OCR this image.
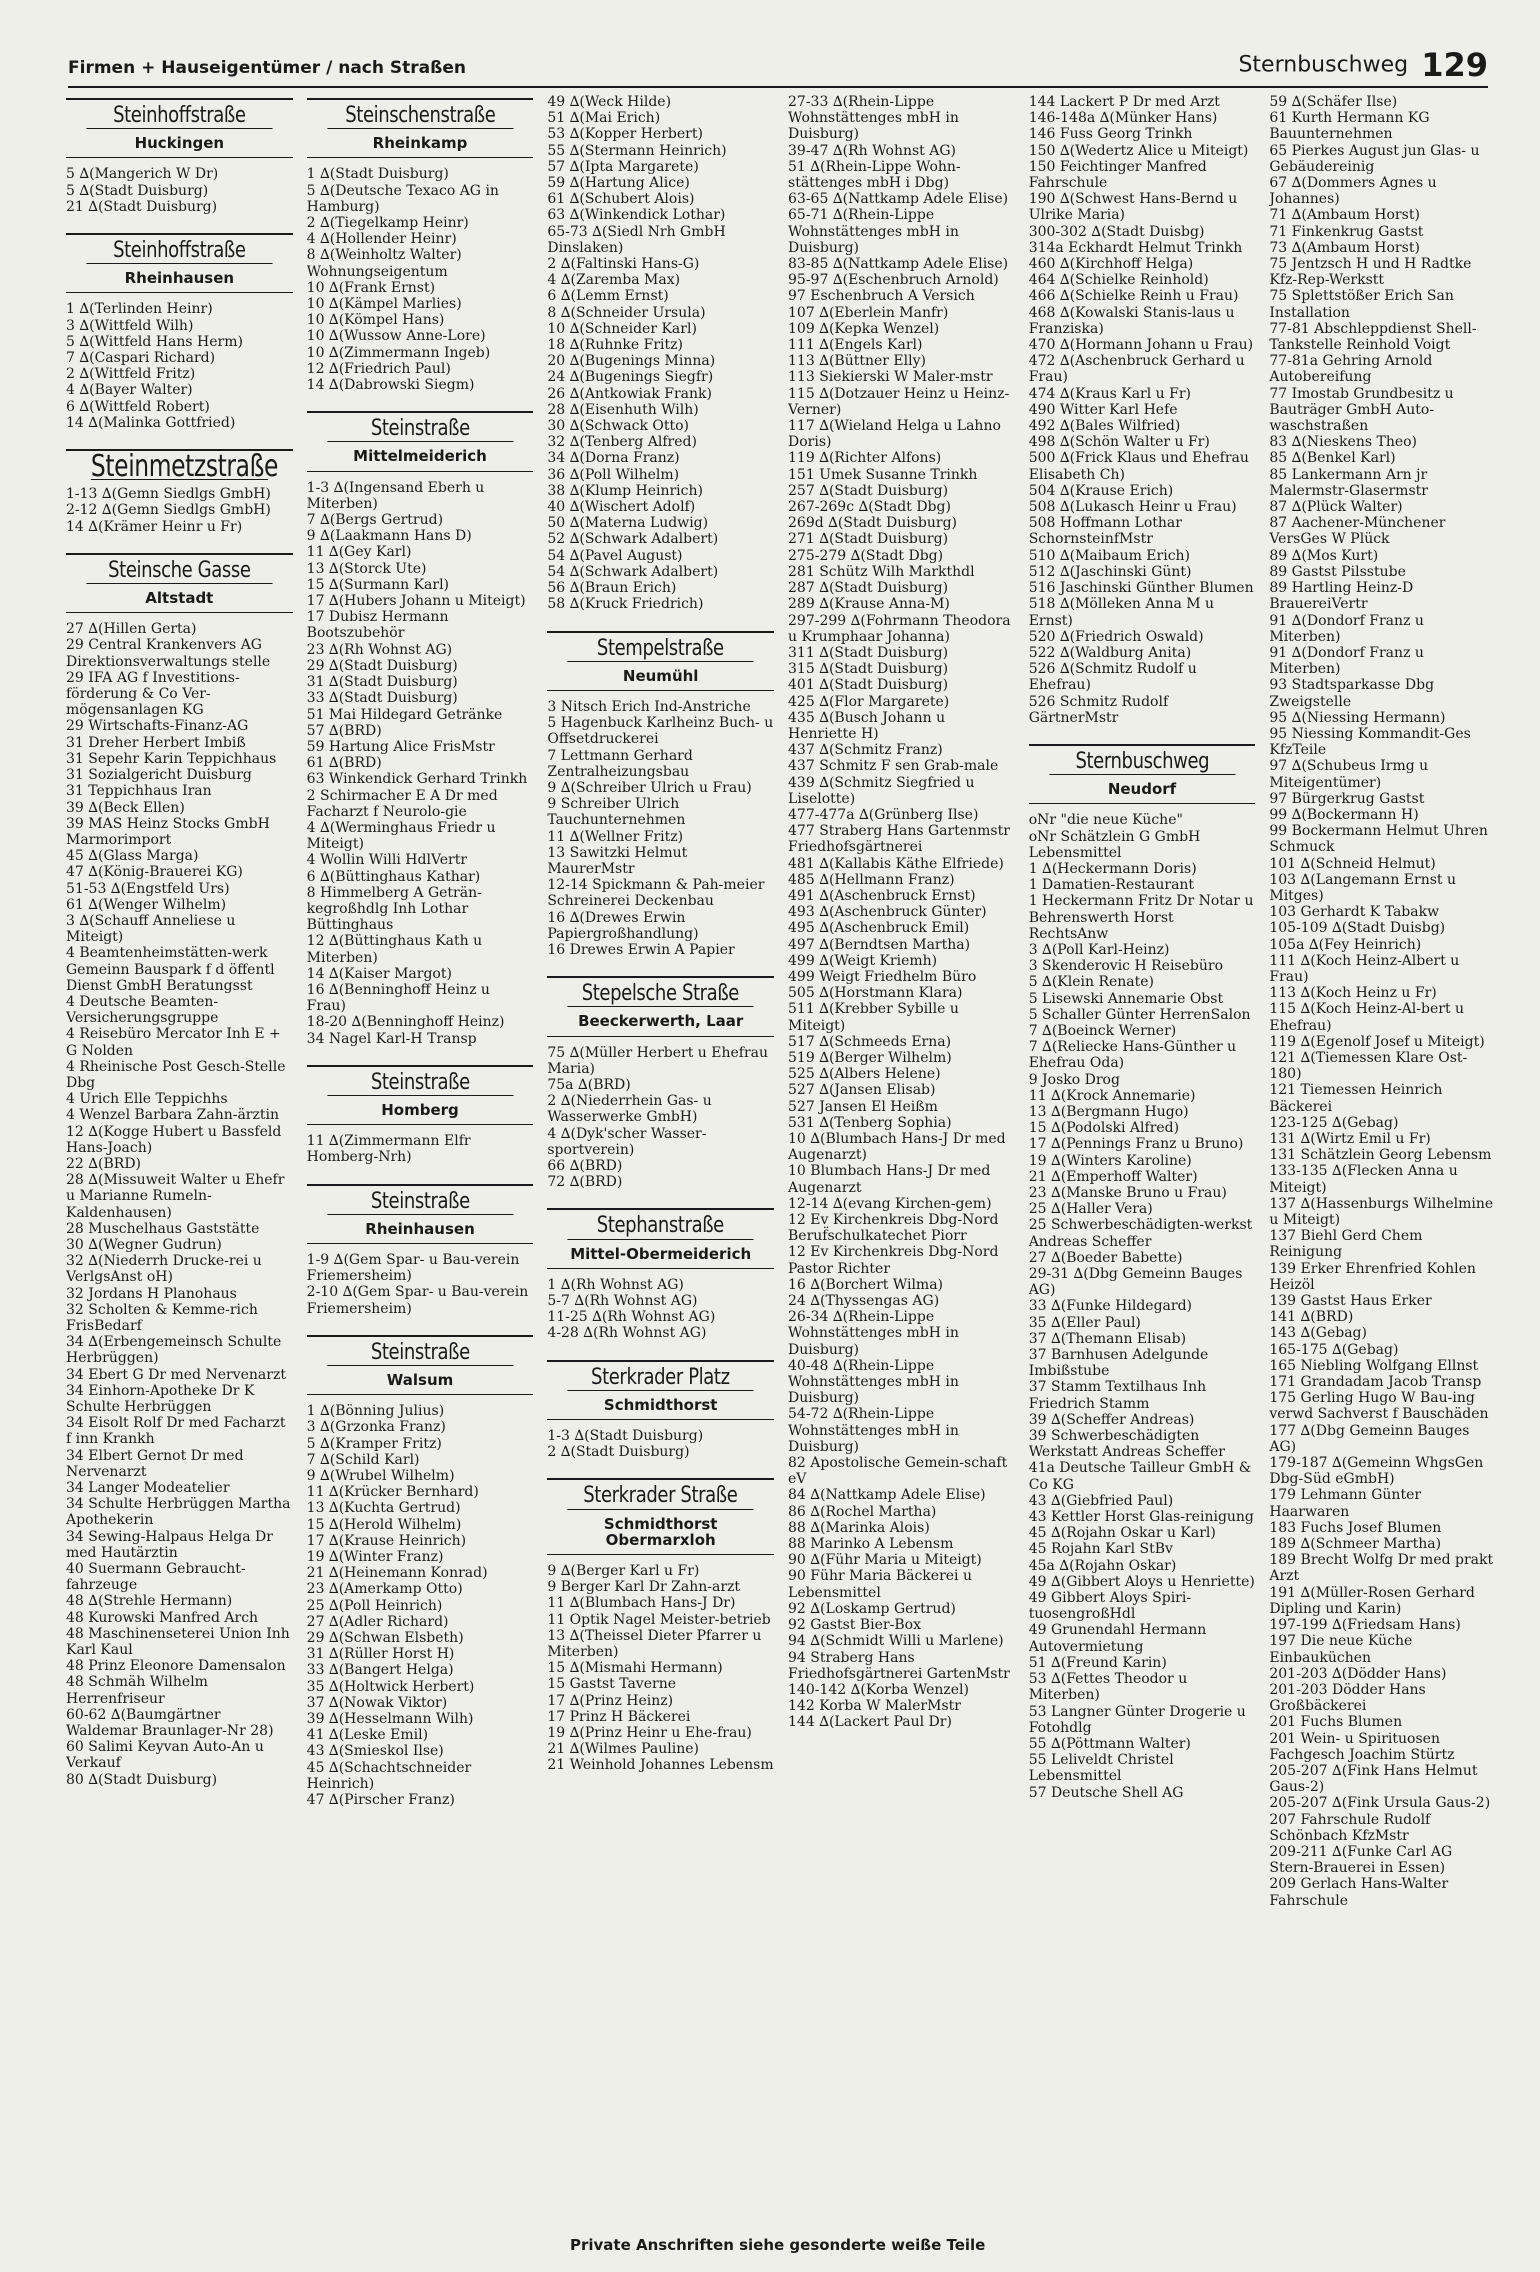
Firmen + Hauseigentümer / nach Straßen	Sternbuschweg 129
Steinhoffstraße
Huckingen
5 ∆(Mangerich W Dr)
5 ∆(Stadt Duisburg)
21 ∆(Stadt Duisburg)
Steinhoffstraße
Rheinhausen
1 ∆(Terlinden Heinr)
3 ∆(Wittfeld Wilh)
5 ∆(Wittfeld Hans Herm)
7 ∆(Caspari Richard)
2 ∆(Wittfeld Fritz)
4 ∆(Bayer Walter)
6 ∆(Wittfeld Robert)
14 ∆(Malinka Gottfried)
Steinmetzstraße
1-13 ∆(Gemn Siedlgs GmbH)
2-12 ∆(Gemn Siedlgs GmbH)
14 ∆(Krämer Heinr u Fr)
Steinsche Gasse
Altstadt
27 ∆(Hillen Gerta)
29 Central Krankenvers AG Direktionsverwaltungs stelle
29 IFA AG f Investitions-förderung & Co Ver-mögensanlagen KG
29 Wirtschafts-Finanz-AG
31 Dreher Herbert Imbiß
31 Sepehr Karin Teppichhaus
31 Sozialgericht Duisburg
31 Teppichhaus Iran
39 ∆(Beck Ellen)
39 MAS Heinz Stocks GmbH Marmorimport
45 ∆(Glass Marga)
47 ∆(König-Brauerei KG)
51-53 ∆(Engstfeld Urs)
61 ∆(Wenger Wilhelm)
3 ∆(Schauff Anneliese u Miteigt)
4 Beamtenheimstätten-werk Gemeinn Bauspark f d öffentl Dienst GmbH Beratungsst
4 Deutsche Beamten-Versicherungsgruppe
4 Reisebüro Mercator Inh E + G Nolden
4 Rheinische Post Gesch-Stelle Dbg
4 Urich Elle Teppichhs
4 Wenzel Barbara Zahn-ärztin
12 ∆(Kogge Hubert u Bassfeld Hans-Joach)
22 ∆(BRD)
28 ∆(Missuweit Walter u Ehefr u Marianne Rumeln-Kaldenhausen)
28 Muschelhaus Gaststätte
30 ∆(Wegner Gudrun)
32 ∆(Niederrh Drucke-rei u VerlgsAnst oH)
32 Jordans H Planohaus
32 Scholten & Kemme-rich FrisBedarf
34 ∆(Erbengemeinsch Schulte Herbrüggen)
34 Ebert G Dr med Nervenarzt
34 Einhorn-Apotheke Dr K Schulte Herbrüggen
34 Eisolt Rolf Dr med Facharzt f inn Krankh
34 Elbert Gernot Dr med Nervenarzt
34 Langer Modeatelier
34 Schulte Herbrüggen Martha Apothekerin
34 Sewing-Halpaus Helga Dr med Hautärztin
40 Suermann Gebraucht-fahrzeuge
48 ∆(Strehle Hermann)
48 Kurowski Manfred Arch
48 Maschinenseterei Union Inh Karl Kaul
48 Prinz Eleonore Damensalon
48 Schmäh Wilhelm Herrenfriseur
60-62 ∆(Baumgärtner Waldemar Braunlager-Nr 28)
60 Salimi Keyvan Auto-An u Verkauf
80 ∆(Stadt Duisburg)
Steinschenstraße
Rheinkamp
1 ∆(Stadt Duisburg)
5 ∆(Deutsche Texaco AG in Hamburg)
2 ∆(Tiegelkamp Heinr)
4 ∆(Hollender Heinr)
8 ∆(Weinholtz Walter)
Wohnungseigentum
10 ∆(Frank Ernst)
10 ∆(Kämpel Marlies)
10 ∆(Kömpel Hans)
10 ∆(Wussow Anne-Lore)
10 ∆(Zimmermann Ingeb)
12 ∆(Friedrich Paul)
14 ∆(Dabrowski Siegm)
Steinstraße
Mittelmeiderich
1-3 ∆(Ingensand Eberh u Miterben)
7 ∆(Bergs Gertrud)
9 ∆(Laakmann Hans D)
11 ∆(Gey Karl)
13 ∆(Storck Ute)
15 ∆(Surmann Karl)
17 ∆(Hubers Johann u Miteigt)
17 Dubisz Hermann Bootszubehör
23 ∆(Rh Wohnst AG)
29 ∆(Stadt Duisburg)
31 ∆(Stadt Duisburg)
33 ∆(Stadt Duisburg)
51 Mai Hildegard Getränke
57 ∆(BRD)
59 Hartung Alice FrisMstr
61 ∆(BRD)
63 Winkendick Gerhard Trinkh
2 Schirmacher E A Dr med Facharzt f Neurolo-gie
4 ∆(Werminghaus Friedr u Miteigt)
4 Wollin Willi HdlVertr
6 ∆(Büttinghaus Kathar)
8 Himmelberg A Geträn-kegroßhdlg Inh Lothar Büttinghaus
12 ∆(Büttinghaus Kath u Miterben)
14 ∆(Kaiser Margot)
16 ∆(Benninghoff Heinz u Frau)
18-20 ∆(Benninghoff Heinz)
34 Nagel Karl-H Transp
Steinstraße
Homberg
11 ∆(Zimmermann Elfr Homberg-Nrh)
Steinstraße
Rheinhausen
1-9 ∆(Gem Spar- u Bau-verein Friemersheim)
2-10 ∆(Gem Spar- u Bau-verein Friemersheim)
Steinstraße
Walsum
1 ∆(Bönning Julius)
3 ∆(Grzonka Franz)
5 ∆(Kramper Fritz)
7 ∆(Schild Karl)
9 ∆(Wrubel Wilhelm)
11 ∆(Krücker Bernhard)
13 ∆(Kuchta Gertrud)
15 ∆(Herold Wilhelm)
17 ∆(Krause Heinrich)
19 ∆(Winter Franz)
21 ∆(Heinemann Konrad)
23 ∆(Amerkamp Otto)
25 ∆(Poll Heinrich)
27 ∆(Adler Richard)
29 ∆(Schwan Elsbeth)
31 ∆(Rüller Horst H)
33 ∆(Bangert Helga)
35 ∆(Holtwick Herbert)
37 ∆(Nowak Viktor)
39 ∆(Hesselmann Wilh)
41 ∆(Leske Emil)
43 ∆(Smieskol Ilse)
45 ∆(Schachtschneider Heinrich)
47 ∆(Pirscher Franz)
49 ∆(Weck Hilde)
51 ∆(Mai Erich)
53 ∆(Kopper Herbert)
55 ∆(Stermann Heinrich)
57 ∆(Ipta Margarete)
59 ∆(Hartung Alice)
61 ∆(Schubert Alois)
63 ∆(Winkendick Lothar)
65-73 ∆(Siedl Nrh GmbH Dinslaken)
2 ∆(Faltinski Hans-G)
4 ∆(Zaremba Max)
6 ∆(Lemm Ernst)
8 ∆(Schneider Ursula)
10 ∆(Schneider Karl)
18 ∆(Ruhnke Fritz)
20 ∆(Bugenings Minna)
24 ∆(Bugenings Siegfr)
26 ∆(Antkowiak Frank)
28 ∆(Eisenhuth Wilh)
30 ∆(Schwack Otto)
32 ∆(Tenberg Alfred)
34 ∆(Dorna Franz)
36 ∆(Poll Wilhelm)
38 ∆(Klump Heinrich)
40 ∆(Wischert Adolf)
50 ∆(Materna Ludwig)
52 ∆(Schwark Adalbert)
54 ∆(Pavel August)
54 ∆(Schwark Adalbert)
56 ∆(Braun Erich)
58 ∆(Kruck Friedrich)
Stempelstraße
Neumühl
3 Nitsch Erich Ind-Anstriche
5 Hagenbuck Karlheinz Buch- u Offsetdruckerei
7 Lettmann Gerhard Zentralheizungsbau
9 ∆(Schreiber Ulrich u Frau)
9 Schreiber Ulrich Tauchunternehmen
11 ∆(Wellner Fritz)
13 Sawitzki Helmut MaurerMstr
12-14 Spickmann & Pah-meier Schreinerei Deckenbau
16 ∆(Drewes Erwin Papiergroßhandlung)
16 Drewes Erwin A Papier
Stepelsche Straße
Beeckerwerth, Laar
75 ∆(Müller Herbert u Ehefrau Maria)
75a ∆(BRD)
2 ∆(Niederrhein Gas- u Wasserwerke GmbH)
4 ∆(Dyk'scher Wasser-sportverein)
66 ∆(BRD)
72 ∆(BRD)
Stephanstraße
Mittel-Obermeiderich
1 ∆(Rh Wohnst AG)
5-7 ∆(Rh Wohnst AG)
11-25 ∆(Rh Wohnst AG)
4-28 ∆(Rh Wohnst AG)
Sterkrader Platz
Schmidthorst
1-3 ∆(Stadt Duisburg)
2 ∆(Stadt Duisburg)
Sterkrader Straße
Schmidthorst Obermarxloh
9 ∆(Berger Karl u Fr)
9 Berger Karl Dr Zahn-arzt
11 ∆(Blumbach Hans-J Dr)
11 Optik Nagel Meister-betrieb
13 ∆(Theissel Dieter Pfarrer u Miterben)
15 ∆(Mismahi Hermann)
15 Gastst Taverne
17 ∆(Prinz Heinz)
17 Prinz H Bäckerei
19 ∆(Prinz Heinr u Ehe-frau)
21 ∆(Wilmes Pauline)
21 Weinhold Johannes Lebensm
27-33 ∆(Rhein-Lippe Wohnstättenges mbH in Duisburg)
39-47 ∆(Rh Wohnst AG)
51 ∆(Rhein-Lippe Wohn-stättenges mbH i Dbg)
63-65 ∆(Nattkamp Adele Elise)
65-71 ∆(Rhein-Lippe Wohnstättenges mbH in Duisburg)
83-85 ∆(Nattkamp Adele Elise)
95-97 ∆(Eschenbruch Arnold)
97 Eschenbruch A Versich
107 ∆(Eberlein Manfr)
109 ∆(Kepka Wenzel)
111 ∆(Engels Karl)
113 ∆(Büttner Elly)
113 Siekierski W Maler-mstr
115 ∆(Dotzauer Heinz u Heinz- Verner)
117 ∆(Wieland Helga u Lahno Doris)
119 ∆(Richter Alfons)
151 Umek Susanne Trinkh
257 ∆(Stadt Duisburg)
267-269c ∆(Stadt Dbg)
269d ∆(Stadt Duisburg)
271 ∆(Stadt Duisburg)
275-279 ∆(Stadt Dbg)
281 Schütz Wilh Markthdl
287 ∆(Stadt Duisburg)
289 ∆(Krause Anna-M)
297-299 ∆(Fohrmann Theodora u Krumphaar Johanna)
311 ∆(Stadt Duisburg)
315 ∆(Stadt Duisburg)
401 ∆(Stadt Duisburg)
425 ∆(Flor Margarete)
435 ∆(Busch Johann u Henriette H)
437 ∆(Schmitz Franz)
437 Schmitz F sen Grab-male
439 ∆(Schmitz Siegfried u Liselotte)
477-477a ∆(Grünberg Ilse)
477 Straberg Hans Gartenmstr Friedhofsgärtnerei
481 ∆(Kallabis Käthe Elfriede)
485 ∆(Hellmann Franz)
491 ∆(Aschenbruck Ernst)
493 ∆(Aschenbruck Günter)
495 ∆(Aschenbruck Emil)
497 ∆(Berndtsen Martha)
499 ∆(Weigt Kriemh)
499 Weigt Friedhelm Büro
505 ∆(Horstmann Klara)
511 ∆(Krebber Sybille u Miteigt)
517 ∆(Schmeeds Erna)
519 ∆(Berger Wilhelm)
525 ∆(Albers Helene)
527 ∆(Jansen Elisab)
527 Jansen El Heißm
531 ∆(Tenberg Sophia)
10 ∆(Blumbach Hans-J Dr med Augenarzt)
10 Blumbach Hans-J Dr med Augenarzt
12-14 ∆(evang Kirchen-gem)
12 Ev Kirchenkreis Dbg-Nord Beruf̈schulkatechet Piorr
12 Ev Kirchenkreis Dbg-Nord Pastor Richter
16 ∆(Borchert Wilma)
24 ∆(Thyssengas AG)
26-34 ∆(Rhein-Lippe Wohnstättenges mbH in Duisburg)
40-48 ∆(Rhein-Lippe Wohnstättenges mbH in Duisburg)
54-72 ∆(Rhein-Lippe Wohnstättenges mbH in Duisburg)
82 Apostolische Gemein-schaft eV
84 ∆(Nattkamp Adele Elise)
86 ∆(Rochel Martha)
88 ∆(Marinka Alois)
88 Marinko A Lebensm
90 ∆(Führ Maria u Miteigt)
90 Führ Maria Bäckerei u Lebensmittel
92 ∆(Loskamp Gertrud)
92 Gastst Bier-Box
94 ∆(Schmidt Willi u Marlene)
94 Straberg Hans Friedhofsgärtnerei GartenMstr
140-142 ∆(Korba Wenzel)
142 Korba W MalerMstr
144 ∆(Lackert Paul Dr)
144 Lackert P Dr med Arzt
146-148a ∆(Münker Hans)
146 Fuss Georg Trinkh
150 ∆(Wedertz Alice u Miteigt)
150 Feichtinger Manfred Fahrschule
190 ∆(Schwest Hans-Bernd u Ulrike Maria)
300-302 ∆(Stadt Duisbg)
314a Eckhardt Helmut Trinkh
460 ∆(Kirchhoff Helga)
464 ∆(Schielke Reinhold)
466 ∆(Schielke Reinh u Frau)
468 ∆(Kowalski Stanis-laus u Franziska)
470 ∆(Hormann Johann u Frau)
472 ∆(Aschenbruck Gerhard u Frau)
474 ∆(Kraus Karl u Fr)
490 Witter Karl Hefe
492 ∆(Bales Wilfried)
498 ∆(Schön Walter u Fr)
500 ∆(Frick Klaus und Ehefrau Elisabeth Ch)
504 ∆(Krause Erich)
508 ∆(Lukasch Heinr u Frau)
508 Hoffmann Lothar SchornsteinfMstr
510 ∆(Maibaum Erich)
512 ∆(Jaschinski Günt)
516 Jaschinski Günther Blumen
518 ∆(Mölleken Anna M u Ernst)
520 ∆(Friedrich Oswald)
522 ∆(Waldburg Anita)
526 ∆(Schmitz Rudolf u Ehefrau)
526 Schmitz Rudolf GärtnerMstr
Sternbuschweg
Neudorf
oNr "die neue Küche"
oNr Schätzlein G GmbH Lebensmittel
1 ∆(Heckermann Doris)
1 Damatien-Restaurant
1 Heckermann Fritz Dr Notar u Behrenswerth Horst RechtsAnw
3 ∆(Poll Karl-Heinz)
3 Skenderovic H Reisebüro
5 ∆(Klein Renate)
5 Lisewski Annemarie Obst
5 Schaller Günter HerrenSalon
7 ∆(Boeinck Werner)
7 ∆(Reliecke Hans-Günther u Ehefrau Oda)
9 Josko Drog
11 ∆(Krock Annemarie)
13 ∆(Bergmann Hugo)
15 ∆(Podolski Alfred)
17 ∆(Pennings Franz u Bruno)
19 ∆(Winters Karoline)
21 ∆(Emperhoff Walter)
23 ∆(Manske Bruno u Frau)
25 ∆(Haller Vera)
25 Schwerbeschädigten-werkst Andreas Scheffer
27 ∆(Boeder Babette)
29-31 ∆(Dbg Gemeinn Bauges AG)
33 ∆(Funke Hildegard)
35 ∆(Eller Paul)
37 ∆(Themann Elisab)
37 Barnhusen Adelgunde Imbißstube
37 Stamm Textilhaus Inh Friedrich Stamm
39 ∆(Scheffer Andreas)
39 Schwerbeschädigten Werkstatt Andreas Scheffer
41a Deutsche Tailleur GmbH & Co KG
43 ∆(Giebfried Paul)
43 Kettler Horst Glas-reinigung
45 ∆(Rojahn Oskar u Karl)
45 Rojahn Karl StBv
45a ∆(Rojahn Oskar)
49 ∆(Gibbert Aloys u Henriette)
49 Gibbert Aloys Spiri-tuosengroßHdl
49 Grunendahl Hermann Autovermietung
51 ∆(Freund Karin)
53 ∆(Fettes Theodor u Miterben)
53 Langner Günter Drogerie u Fotohdlg
55 ∆(Pöttmann Walter)
55 Leliveldt Christel Lebensmittel
57 Deutsche Shell AG
59 ∆(Schäfer Ilse)
61 Kurth Hermann KG Bauunternehmen
65 Pierkes August jun Glas- u Gebäudereinig
67 ∆(Dommers Agnes u Johannes)
71 ∆(Ambaum Horst)
71 Finkenkrug Gastst
73 ∆(Ambaum Horst)
75 Jentzsch H und H Radtke Kfz-Rep-Werkstt
75 Splettstößer Erich San Installation
77-81 Abschleppdienst Shell-Tankstelle Reinhold Voigt
77-81a Gehring Arnold Autobereifung
77 Imostab Grundbesitz u Bauträger GmbH Auto-waschstraßen
83 ∆(Nieskens Theo)
85 ∆(Benkel Karl)
85 Lankermann Arn jr Malermstr-Glasermstr
87 ∆(Plück Walter)
87 Aachener-Münchener VersGes W Plück
89 ∆(Mos Kurt)
89 Gastst Pilsstube
89 Hartling Heinz-D BrauereiVertr
91 ∆(Dondorf Franz u Miterben)
91 ∆(Dondorf Franz u Miterben)
93 Stadtsparkasse Dbg Zweigstelle
95 ∆(Niessing Hermann)
95 Niessing Kommandit-Ges KfzTeile
97 ∆(Schubeus Irmg u Miteigentümer)
97 Bürgerkrug Gastst
99 ∆(Bockermann H)
99 Bockermann Helmut Uhren Schmuck
101 ∆(Schneid Helmut)
103 ∆(Langemann Ernst u Mitges)
103 Gerhardt K Tabakw
105-109 ∆(Stadt Duisbg)
105a ∆(Fey Heinrich)
111 ∆(Koch Heinz-Albert u Frau)
113 ∆(Koch Heinz u Fr)
115 ∆(Koch Heinz-Al-bert u Ehefrau)
119 ∆(Egenolf Josef u Miteigt)
121 ∆(Tiemessen Klare Ost-180)
121 Tiemessen Heinrich Bäckerei
123-125 ∆(Gebag)
131 ∆(Wirtz Emil u Fr)
131 Schätzlein Georg Lebensm
133-135 ∆(Flecken Anna u Miteigt)
137 ∆(Hassenburgs Wilhelmine u Miteigt)
137 Biehl Gerd Chem Reinigung
139 Erker Ehrenfried Kohlen Heizöl
139 Gastst Haus Erker
141 ∆(BRD)
143 ∆(Gebag)
165-175 ∆(Gebag)
165 Niebling Wolfgang Ellnst
171 Grandadam Jacob Transp
175 Gerling Hugo W Bau-ing verwd Sachverst f Bauschäden
177 ∆(Dbg Gemeinn Bauges AG)
179-187 ∆(Gemeinn WhgsGen Dbg-Süd eGmbH)
179 Lehmann Günter Haarwaren
183 Fuchs Josef Blumen
189 ∆(Schmeer Martha)
189 Brecht Wolfg Dr med prakt Arzt
191 ∆(Müller-Rosen Gerhard Dipling und Karin)
197-199 ∆(Friedsam Hans)
197 Die neue Küche Einbauküchen
201-203 ∆(Dödder Hans)
201-203 Dödder Hans Großbäckerei
201 Fuchs Blumen
201 Wein- u Spirituosen Fachgesch Joachim Stürtz
205-207 ∆(Fink Hans Helmut Gaus-2)
205-207 ∆(Fink Ursula Gaus-2)
207 Fahrschule Rudolf Schönbach KfzMstr
209-211 ∆(Funke Carl AG Stern-Brauerei in Essen)
209 Gerlach Hans-Walter Fahrschule
Private Anschriften siehe gesonderte weiße Teile
